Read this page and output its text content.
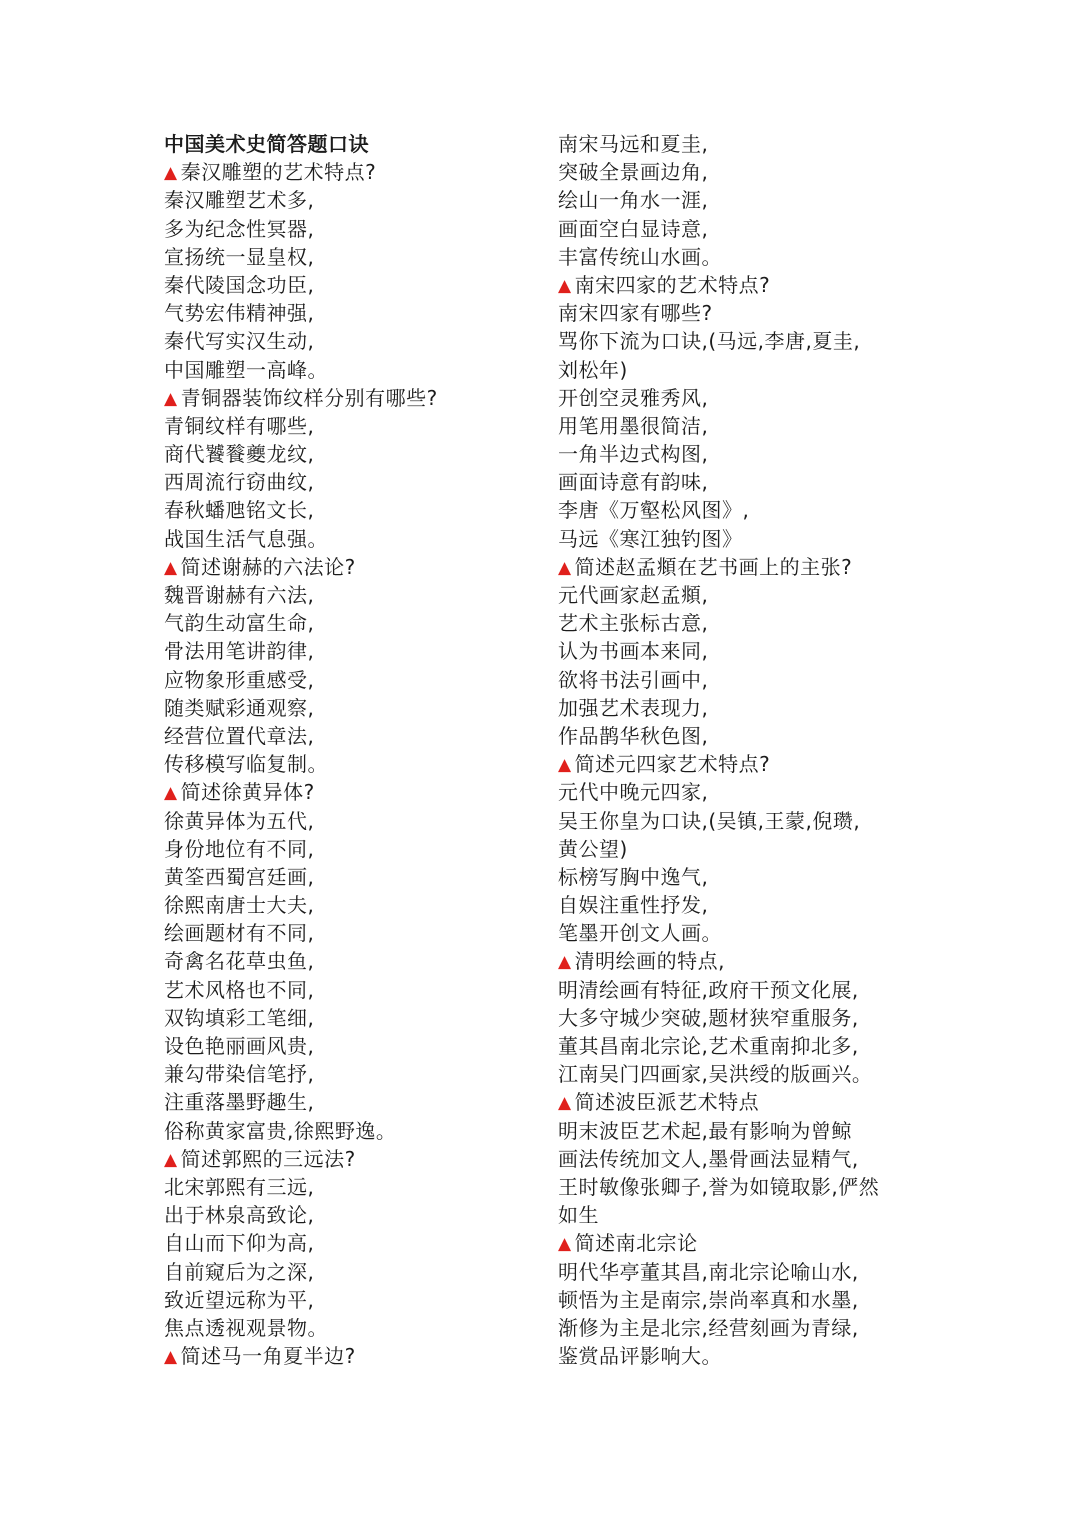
中国美术史简答题口诀
▲ 秦汉雕塑的艺术特点?
秦汉雕塑艺术多,
多为纪念性冥器,
宣扬统一显皇权,
秦代陵国念功臣,
气势宏伟精神强,
秦代写实汉生动,
中国雕塑一高峰。
▲ 青铜器装饰纹样分别有哪些?
青铜纹样有哪些,
商代饕餮夔龙纹,
西周流行窃曲纹,
春秋蟠虺铭文长,
战国生活气息强。
▲ 简述谢赫的六法论?
魏晋谢赫有六法,
气韵生动富生命,
骨法用笔讲韵律,
应物象形重感受,
随类赋彩通观察,
经营位置代章法,
传移模写临复制。
▲ 简述徐黄异体?
徐黄异体为五代,
身份地位有不同,
黄筌西蜀宫廷画,
徐熙南唐士大夫,
绘画题材有不同,
奇禽名花草虫鱼,
艺术风格也不同,
双钩填彩工笔细,
设色艳丽画风贵,
兼勾带染信笔抒,
注重落墨野趣生,
俗称黄家富贵,徐熙野逸。
▲ 简述郭熙的三远法?
北宋郭熙有三远,
出于林泉高致论,
自山而下仰为高,
自前窥后为之深,
致近望远称为平,
焦点透视观景物。
▲ 简述马一角夏半边?
南宋马远和夏圭,
突破全景画边角,
绘山一角水一涯,
画面空白显诗意,
丰富传统山水画。
▲ 南宋四家的艺术特点?
南宋四家有哪些?
骂你下流为口诀,(马远,李唐,夏圭,
刘松年)
开创空灵雅秀风,
用笔用墨很简洁,
一角半边式构图,
画面诗意有韵味,
李唐《万壑松风图》,
马远《寒江独钓图》
▲ 简述赵孟頫在艺书画上的主张?
元代画家赵孟頫,
艺术主张标古意,
认为书画本来同,
欲将书法引画中,
加强艺术表现力,
作品鹊华秋色图,
▲ 简述元四家艺术特点?
元代中晚元四家,
吴王你皇为口诀,(吴镇,王蒙,倪瓒,
黄公望)
标榜写胸中逸气,
自娱注重性抒发,
笔墨开创文人画。
▲ 清明绘画的特点,
明清绘画有特征,政府干预文化展,
大多守城少突破,题材狭窄重服务,
董其昌南北宗论,艺术重南抑北多,
江南吴门四画家,吴洪绶的版画兴。
▲ 简述波臣派艺术特点
明末波臣艺术起,最有影响为曾鲸
画法传统加文人,墨骨画法显精气,
王时敏像张卿子,誉为如镜取影,俨然
如生
▲ 简述南北宗论
明代华亭董其昌,南北宗论喻山水,
顿悟为主是南宗,崇尚率真和水墨,
渐修为主是北宗,经营刻画为青绿,
鉴赏品评影响大。
